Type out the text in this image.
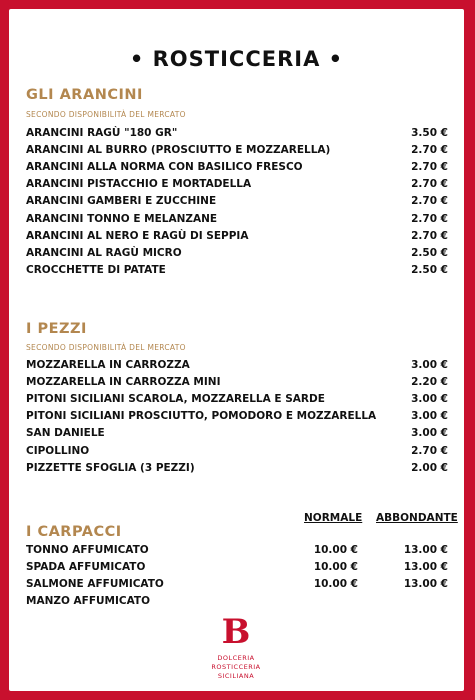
• ROSTICCERIA •
GLI ARANCINI
SECONDO DISPONIBILITÀ DEL MERCATO
ARANCINI RAGÙ "180 GR"	3.50 €
ARANCINI AL BURRO (PROSCIUTTO E MOZZARELLA)	2.70 €
ARANCINI ALLA NORMA CON BASILICO FRESCO	2.70 €
ARANCINI PISTACCHIO E MORTADELLA	2.70 €
ARANCINI GAMBERI E ZUCCHINE	2.70 €
ARANCINI TONNO E MELANZANE	2.70 €
ARANCINI AL NERO E RAGÙ DI SEPPIA	2.70 €
ARANCINI AL RAGÙ MICRO	2.50 €
CROCCHETTE DI PATATE	2.50 €
I PEZZI
SECONDO DISPONIBILITÀ DEL MERCATO
MOZZARELLA IN CARROZZA	3.00 €
MOZZARELLA IN CARROZZA MINI	2.20 €
PITONI SICILIANI SCAROLA, MOZZARELLA E SARDE	3.00 €
PITONI SICILIANI PROSCIUTTO, POMODORO E MOZZARELLA	3.00 €
SAN DANIELE	3.00 €
CIPOLLINO	2.70 €
PIZZETTE SFOGLIA (3 PEZZI)	2.00 €
NORMALE ABBONDANTE
I CARPACCI
TONNO AFFUMICATO	10.00 €	13.00 €
SPADA AFFUMICATO	10.00 €	13.00 €
SALMONE AFFUMICATO	10.00 €	13.00 €
MANZO AFFUMICATO
B
DOLCERIA
ROSTICCERIA
SICILIANA
